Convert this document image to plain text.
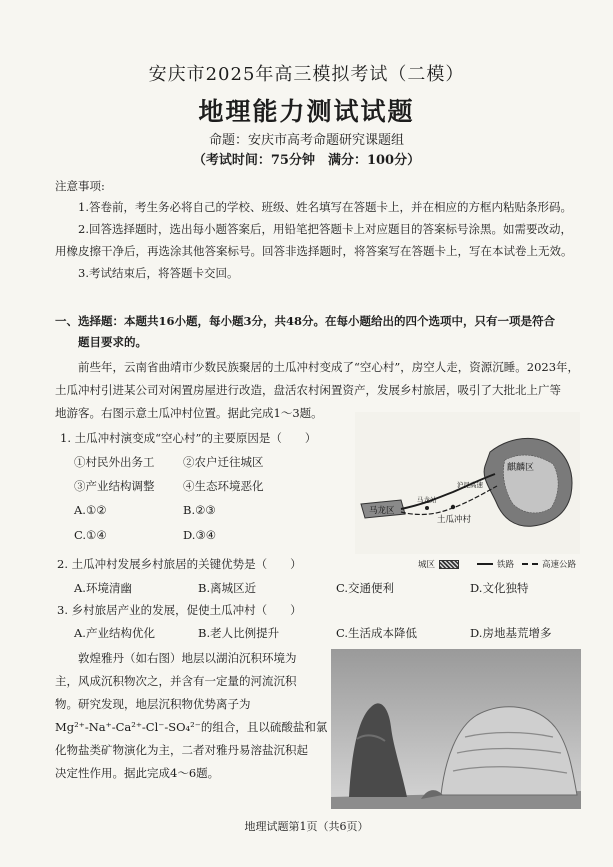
安庆市2025年高三模拟考试（二模）
地理能力测试试题
命题：安庆市高考命题研究课题组
（考试时间：75分钟　满分：100分）
注意事项:
1.答卷前，考生务必将自己的学校、班级、姓名填写在答题卡上，并在相应的方框内粘贴条形码。
2.回答选择题时，选出每小题答案后，用铅笔把答题卡上对应题目的答案标号涂黑。如需要改动，
用橡皮擦干净后，再选涂其他答案标号。回答非选择题时，将答案写在答题卡上，写在本试卷上无效。
3.考试结束后，将答题卡交回。
一、选择题：本题共16小题，每小题3分，共48分。在每小题给出的四个选项中，只有一项是符合
题目要求的。
前些年，云南省曲靖市少数民族聚居的土瓜冲村变成了“空心村”，房空人走，资源沉睡。2023年，
土瓜冲村引进某公司对闲置房屋进行改造，盘活农村闲置资产，发展乡村旅居，吸引了大批北上广等
地游客。右图示意土瓜冲村位置。据此完成1～3题。
1. 土瓜冲村演变成“空心村”的主要原因是（　　）
①村民外出务工 ②农户迁往城区
③产业结构调整 ④生态环境恶化
A.①②	B.②③
C.①④	D.③④
麒麟区
马龙区
土瓜冲村
马龙站
沪昆高速
城区	铁路	高速公路
2. 土瓜冲村发展乡村旅居的关键优势是（　　）
A.环境清幽	B.离城区近	C.交通便利	D.文化独特
3. 乡村旅居产业的发展，促使土瓜冲村（　　）
A.产业结构优化	B.老人比例提升	C.生活成本降低	D.房地基荒增多
敦煌雅丹（如右图）地层以湖泊沉积环境为
主，风成沉积物次之，并含有一定量的河流沉积
物。研究发现，地层沉积物优势离子为
Mg²⁺-Na⁺-Ca²⁺-Cl⁻-SO₄²⁻的组合，且以硫酸盐和氯
化物盐类矿物演化为主，二者对雅丹易溶盐沉积起
决定性作用。据此完成4～6题。
地理试题第1页（共6页）
